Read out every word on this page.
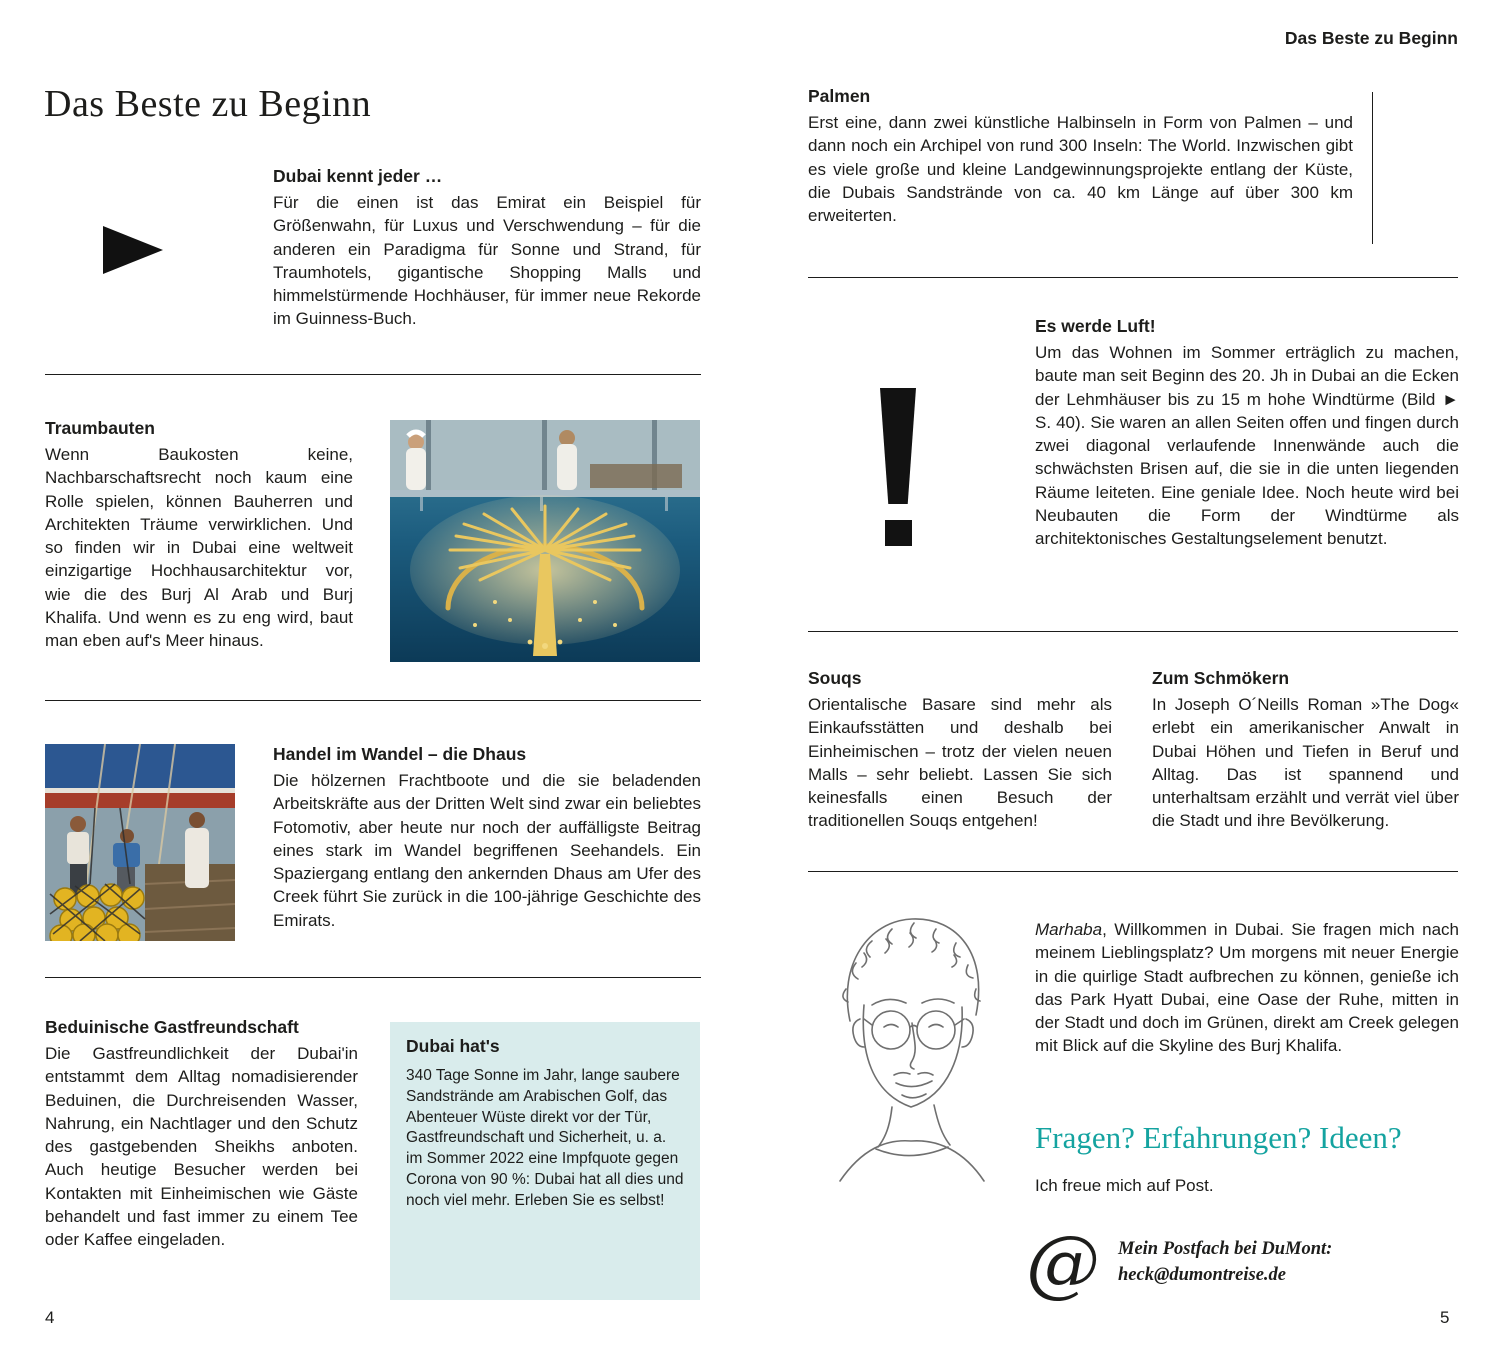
Das Beste zu Beginn
Dubai kennt jeder …

Für die einen ist das Emirat ein Beispiel für Größenwahn, für Luxus und Verschwendung – für die anderen ein Paradigma für Sonne und Strand, für Traumhotels, gigantische Shopping Malls und himmelstürmende Hochhäuser, für immer neue Rekorde im Guinness-Buch.

Traumbauten

Wenn Baukosten keine, Nachbarschaftsrecht noch kaum eine Rolle spielen, können Bauherren und Architekten Träume verwirklichen. Und so finden wir in Dubai eine weltweit einzigartige Hochhausarchitektur vor, wie die des Burj Al Arab und Burj Khalifa. Und wenn es zu eng wird, baut man eben auf's Meer hinaus.

Handel im Wandel – die Dhaus

Die hölzernen Frachtboote und die sie beladenden Arbeitskräfte aus der Dritten Welt sind zwar ein beliebtes Fotomotiv, aber heute nur noch der auffälligste Beitrag eines stark im Wandel begriffenen Seehandels. Ein Spaziergang entlang den ankernden Dhaus am Ufer des Creek führt Sie zurück in die 100-jährige Geschichte des Emirats.

Beduinische Gastfreundschaft

Die Gastfreundlichkeit der Dubai'in entstammt dem Alltag nomadisierender Beduinen, die Durchreisenden Wasser, Nahrung, ein Nachtlager und den Schutz des gastgebenden Sheikhs anboten. Auch heutige Besucher werden bei Kontakten mit Einheimischen wie Gäste behandelt und fast immer zu einem Tee oder Kaffee eingeladen.

Dubai hat's

340 Tage Sonne im Jahr, lange saubere Sandstrände am Arabischen Golf, das Abenteuer Wüste direkt vor der Tür, Gastfreundschaft und Sicherheit, u. a. im Sommer 2022 eine Impfquote gegen Corona von 90 %: Dubai hat all dies und noch viel mehr. Erleben Sie es selbst!

4
Das Beste zu Beginn
Palmen

Erst eine, dann zwei künstliche Halbinseln in Form von Palmen – und dann noch ein Archipel von rund 300 Inseln: The World. Inzwischen gibt es viele große und kleine Landgewinnungsprojekte entlang der Küste, die Dubais Sandstrände von ca. 40 km Länge auf über 300 km erweiterten.

Es werde Luft!

Um das Wohnen im Sommer erträglich zu machen, baute man seit Beginn des 20. Jh in Dubai an die Ecken der Lehmhäuser bis zu 15 m hohe Windtürme (Bild ► S. 40). Sie waren an allen Seiten offen und fingen durch zwei diagonal verlaufende Innenwände auch die schwächsten Brisen auf, die sie in die unten liegenden Räume leiteten. Eine geniale Idee. Noch heute wird bei Neubauten die Form der Windtürme als architektonisches Gestaltungselement benutzt.

Souqs

Orientalische Basare sind mehr als Einkaufsstätten und deshalb bei Einheimischen – trotz der vielen neuen Malls – sehr beliebt. Lassen Sie sich keinesfalls einen Besuch der traditionellen Souqs entgehen!

Zum Schmökern

In Joseph O´Neills Roman »The Dog« erlebt ein amerikanischer Anwalt in Dubai Höhen und Tiefen in Beruf und Alltag. Das ist spannend und unterhaltsam erzählt und verrät viel über die Stadt und ihre Bevölkerung.

Marhaba, Willkommen in Dubai. Sie fragen mich nach meinem Lieblingsplatz? Um morgens mit neuer Energie in die quirlige Stadt aufbrechen zu können, genieße ich das Park Hyatt Dubai, eine Oase der Ruhe, mitten in der Stadt und doch im Grünen, direkt am Creek gelegen mit Blick auf die Skyline des Burj Khalifa.

Fragen? Erfahrungen? Ideen?
Ich freue mich auf Post.
@ Mein Postfach bei DuMont:
heck@dumontreise.de
5
